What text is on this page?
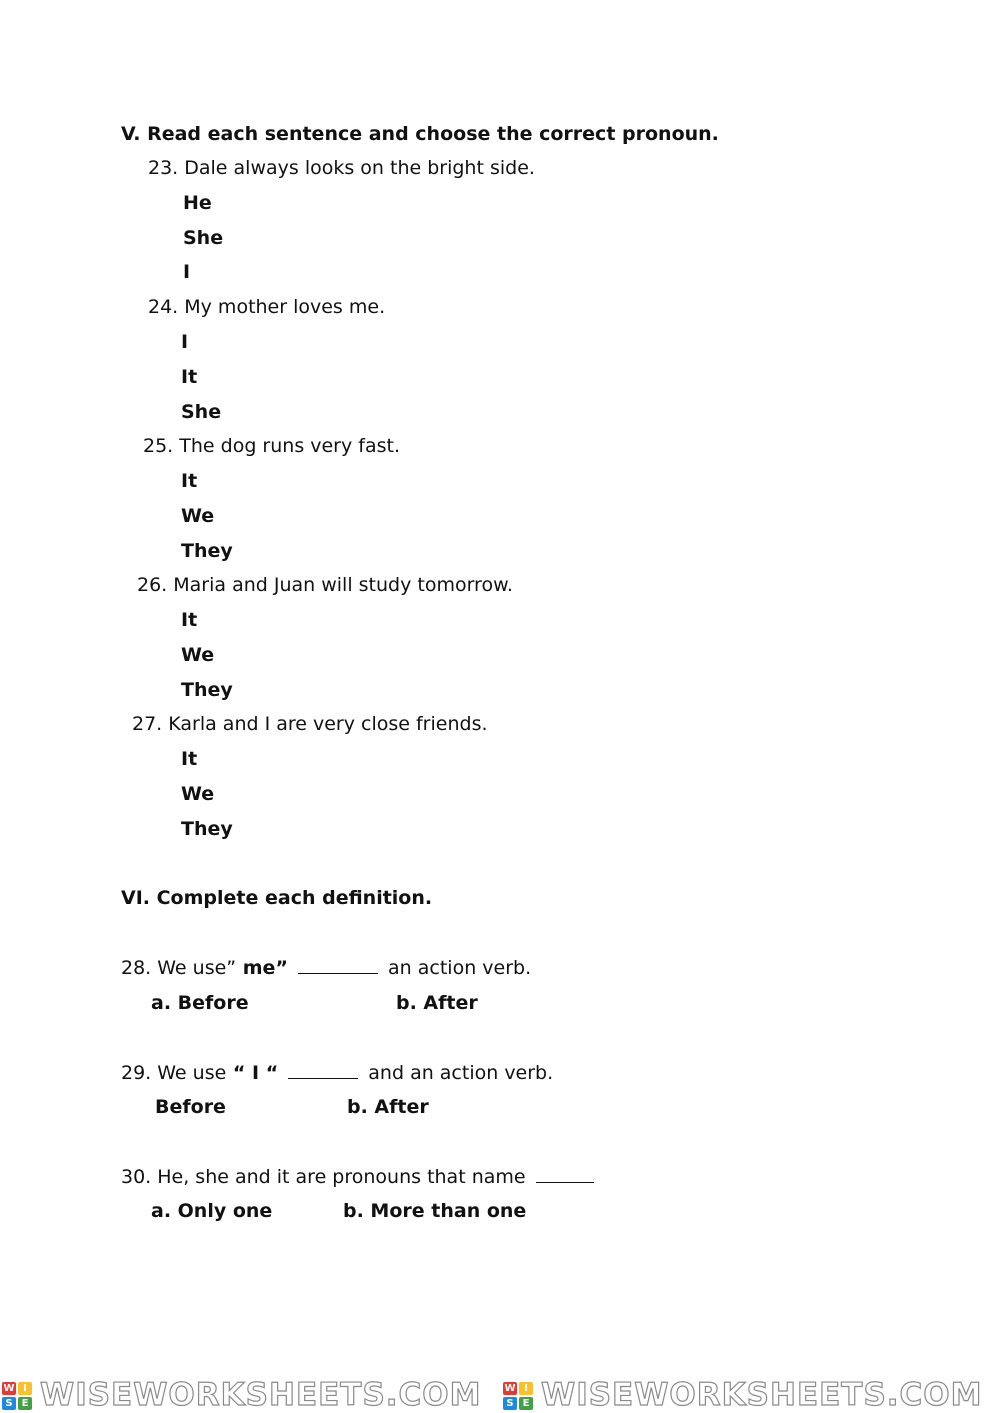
V. Read each sentence and choose the correct pronoun.
23. Dale always looks on the bright side.
He
She
I
24. My mother loves me.
I
It
She
25. The dog runs very fast.
It
We
They
26. Maria and Juan will study tomorrow.
It
We
They
27. Karla and I are very close friends.
It
We
They
VI. Complete each definition.
28. We use” me”	an action verb.
a. Before	b. After
29. We use “ I “	and an action verb.
Before	b. After
30. He, she and it are pronouns that name
a. Only one	b. More than one
W I
S E WISEWORKSHEETS.COM W I
S E WISEWORKSHEETS.COM
